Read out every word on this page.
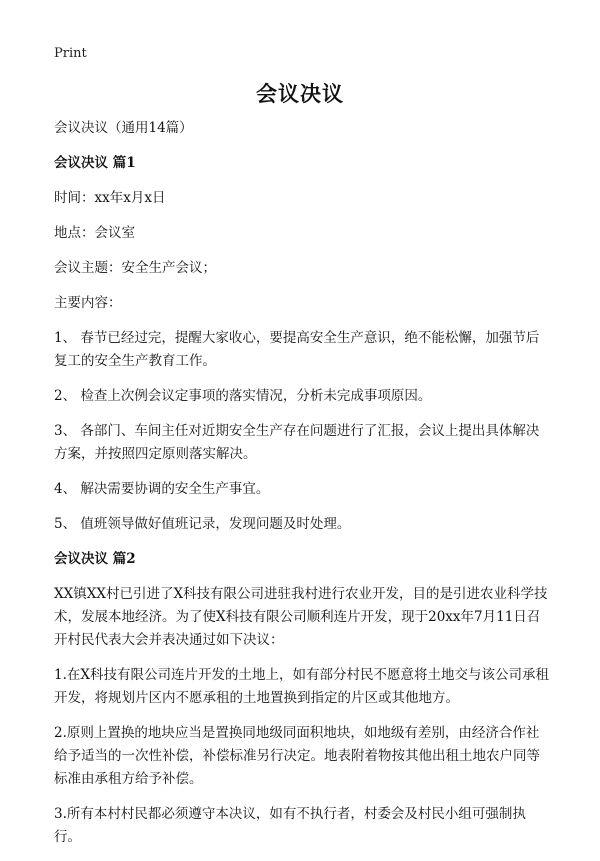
Print
会议决议

会议决议（通用14篇）

会议决议 篇1

时间：xx年x月x日

地点：会议室

会议主题：安全生产会议；

主要内容：

1、 春节已经过完，提醒大家收心，要提高安全生产意识，绝不能松懈，加强节后复工的安全生产教育工作。

2、 检查上次例会议定事项的落实情况，分析未完成事项原因。

3、 各部门、车间主任对近期安全生产存在问题进行了汇报，会议上提出具体解决方案，并按照四定原则落实解决。

4、 解决需要协调的安全生产事宜。

5、 值班领导做好值班记录，发现问题及时处理。

会议决议 篇2

XX镇XX村已引进了X科技有限公司进驻我村进行农业开发，目的是引进农业科学技术，发展本地经济。为了使X科技有限公司顺利连片开发，现于20xx年7月11日召开村民代表大会并表决通过如下决议：

1.在X科技有限公司连片开发的土地上，如有部分村民不愿意将土地交与该公司承租开发，将规划片区内不愿承租的土地置换到指定的片区或其他地方。

2.原则上置换的地块应当是置换同地级同面积地块，如地级有差别，由经济合作社给予适当的一次性补偿，补偿标准另行决定。地表附着物按其他出租土地农户同等标准由承租方给予补偿。

3.所有本村村民都必须遵守本决议，如有不执行者，村委会及村民小组可强制执行。
